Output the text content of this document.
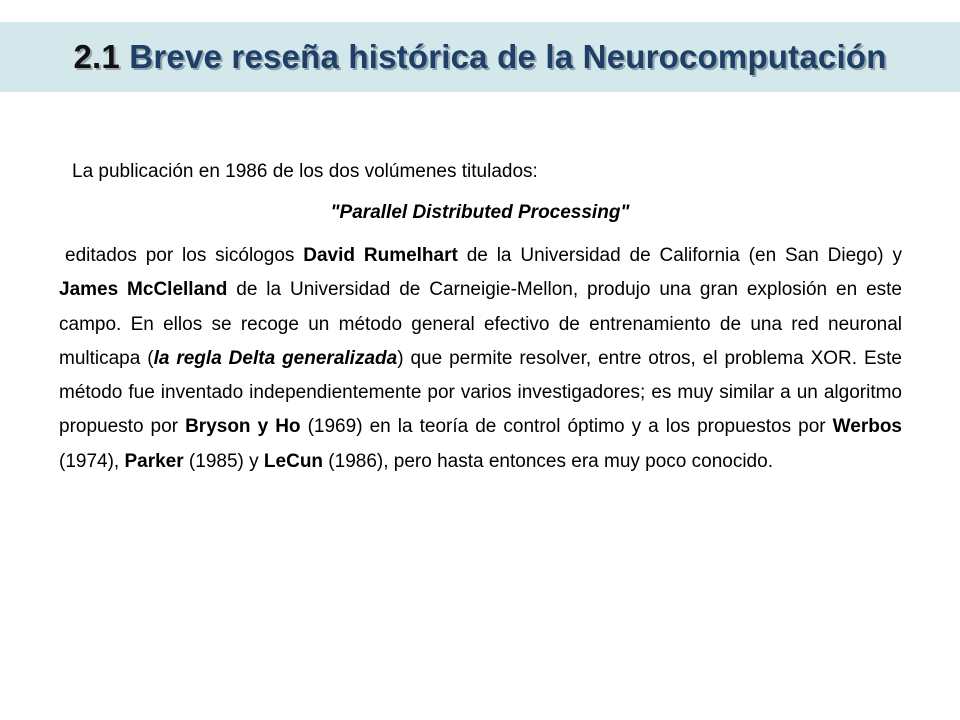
2.1 Breve reseña histórica de la Neurocomputación
La publicación en 1986 de los dos volúmenes titulados:
"Parallel Distributed Processing"
editados por los sicólogos David Rumelhart de la Universidad de California (en San Diego) y James McClelland de la Universidad de Carneigie-Mellon, produjo una gran explosión en este campo. En ellos se recoge un método general efectivo de entrenamiento de una red neuronal multicapa (la regla Delta generalizada) que permite resolver, entre otros, el problema XOR. Este método fue inventado independientemente por varios investigadores; es muy similar a un algoritmo propuesto por Bryson y Ho (1969) en la teoría de control óptimo y a los propuestos por Werbos (1974), Parker (1985) y LeCun (1986), pero hasta entonces era muy poco conocido.
